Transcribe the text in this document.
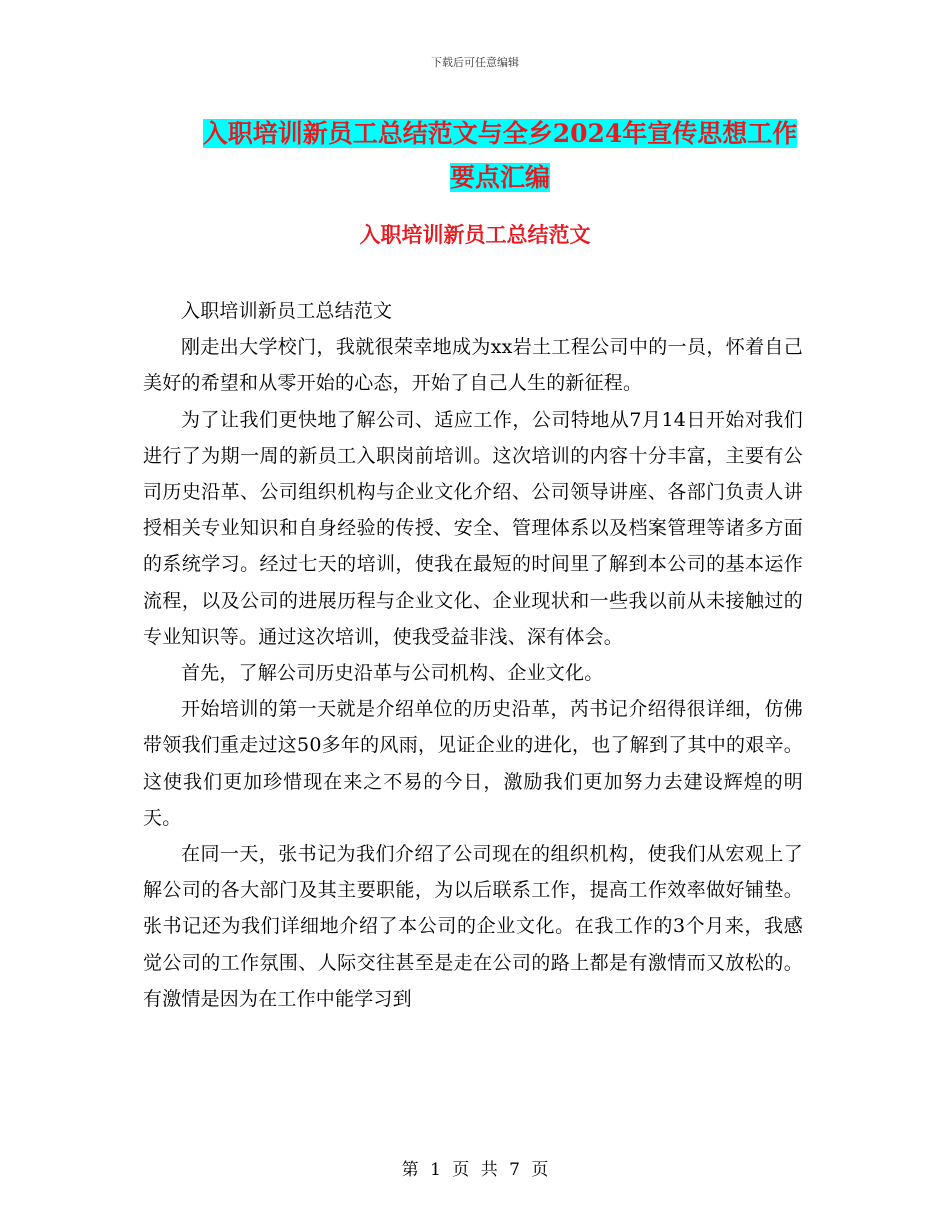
下载后可任意编辑
入职培训新员工总结范文与全乡2024年宣传思想工作
要点汇编
入职培训新员工总结范文

入职培训新员工总结范文

刚走出大学校门，我就很荣幸地成为xx岩土工程公司中的一员，怀着自己美好的希望和从零开始的心态，开始了自己人生的新征程。

为了让我们更快地了解公司、适应工作，公司特地从7月14日开始对我们进行了为期一周的新员工入职岗前培训。这次培训的内容十分丰富，主要有公司历史沿革、公司组织机构与企业文化介绍、公司领导讲座、各部门负责人讲授相关专业知识和自身经验的传授、安全、管理体系以及档案管理等诸多方面的系统学习。经过七天的培训，使我在最短的时间里了解到本公司的基本运作流程，以及公司的进展历程与企业文化、企业现状和一些我以前从未接触过的专业知识等。通过这次培训，使我受益非浅、深有体会。

首先，了解公司历史沿革与公司机构、企业文化。

开始培训的第一天就是介绍单位的历史沿革，芮书记介绍得很详细，仿佛带领我们重走过这50多年的风雨，见证企业的进化，也了解到了其中的艰辛。这使我们更加珍惜现在来之不易的今日，激励我们更加努力去建设辉煌的明天。

在同一天，张书记为我们介绍了公司现在的组织机构，使我们从宏观上了解公司的各大部门及其主要职能，为以后联系工作，提高工作效率做好铺垫。张书记还为我们详细地介绍了本公司的企业文化。在我工作的3个月来，我感觉公司的工作氛围、人际交往甚至是走在公司的路上都是有激情而又放松的。有激情是因为在工作中能学习到

第 1 页 共 7 页
